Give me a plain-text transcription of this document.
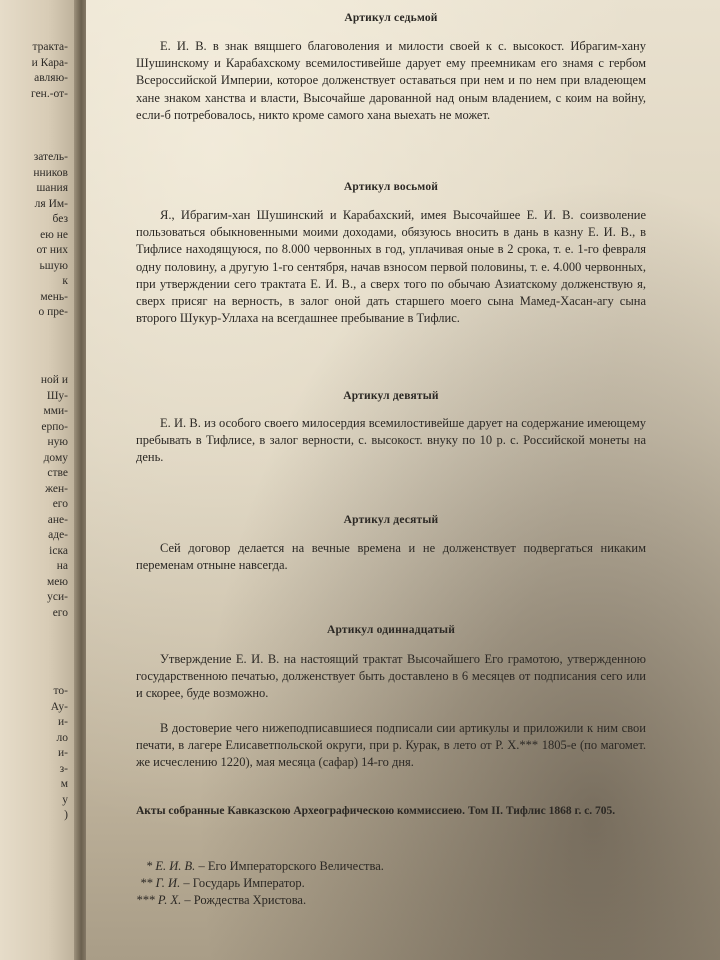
тракта-
и Кара-
авляю-
ген.-от-
затель-
нников
шания
ля Им-
без
ею не
от них
ьшую
к
мень-
о пре-
ной и
Шу-
мми-
ерпо-
ную
дому
стве
жен-
его
ане-
аде-
іска
на
мею
уси-
его
то-
Ау-
и-
ло
и-
з-
м
у
)

Артикул седьмой

Е. И. В. в знак вящшего благоволения и милости своей к с. высокост. Ибрагим-хану Шушинскому и Карабахскому всемилостивейше дарует ему преемникам его знамя с гербом Всероссийской Империи, которое долженствует оставаться при нем и по нем при владеющем хане знаком ханства и власти, Высочайше дарованной над оным владением, с коим на войну, если-б потребовалось, никто кроме самого хана выехать не может.

Артикул восьмой

Я., Ибрагим-хан Шушинский и Карабахский, имея Высочайшее Е. И. В. соизволение пользоваться обыкновенными моими доходами, обязуюсь вносить в дань в казну Е. И. В., в Тифлисе находящуюся, по 8.000 червонных в год, уплачивая оные в 2 срока, т. е. 1-го февраля одну половину, а другую 1-го сентября, начав взносом первой половины, т. е. 4.000 червонных, при утверждении сего трактата Е. И. В., а сверх того по обычаю Азиатскому долженствую я, сверх присяг на верность, в залог оной дать старшего моего сына Мамед-Хасан-агу сына второго Шукур-Уллаха на всегдашнее пребывание в Тифлис.

Артикул девятый

Е. И. В. из особого своего милосердия всемилостивейше дарует на содержание имеющему пребывать в Тифлисе, в залог верности, с. высокост. внуку по 10 р. с. Российской монеты на день.

Артикул десятый

Сей договор делается на вечные времена и не долженствует подвергаться никаким переменам отныне навсегда.

Артикул одиннадцатый

Утверждение Е. И. В. на настоящий трактат Высочайшего Его грамотою, утвержденною государственною печатью, долженствует быть доставлено в 6 месяцев от подписания сего или и скорее, буде возможно.

В достоверие чего нижеподписавшиеся подписали сии артикулы и приложили к ним свои печати, в лагере Елисаветпольской округи, при р. Курак, в лето от Р. Х.*** 1805-е (по магомет. же исчеслению 1220), мая месяца (сафар) 14-го дня.

Акты собранные Кавказскою Археографическою коммиссиею. Том II. Тифлис 1868 г. с. 705.

* Е. И. В. – Его Императорского Величества.
** Г. И. – Государь Император.
*** Р. Х. – Рождества Христова.
